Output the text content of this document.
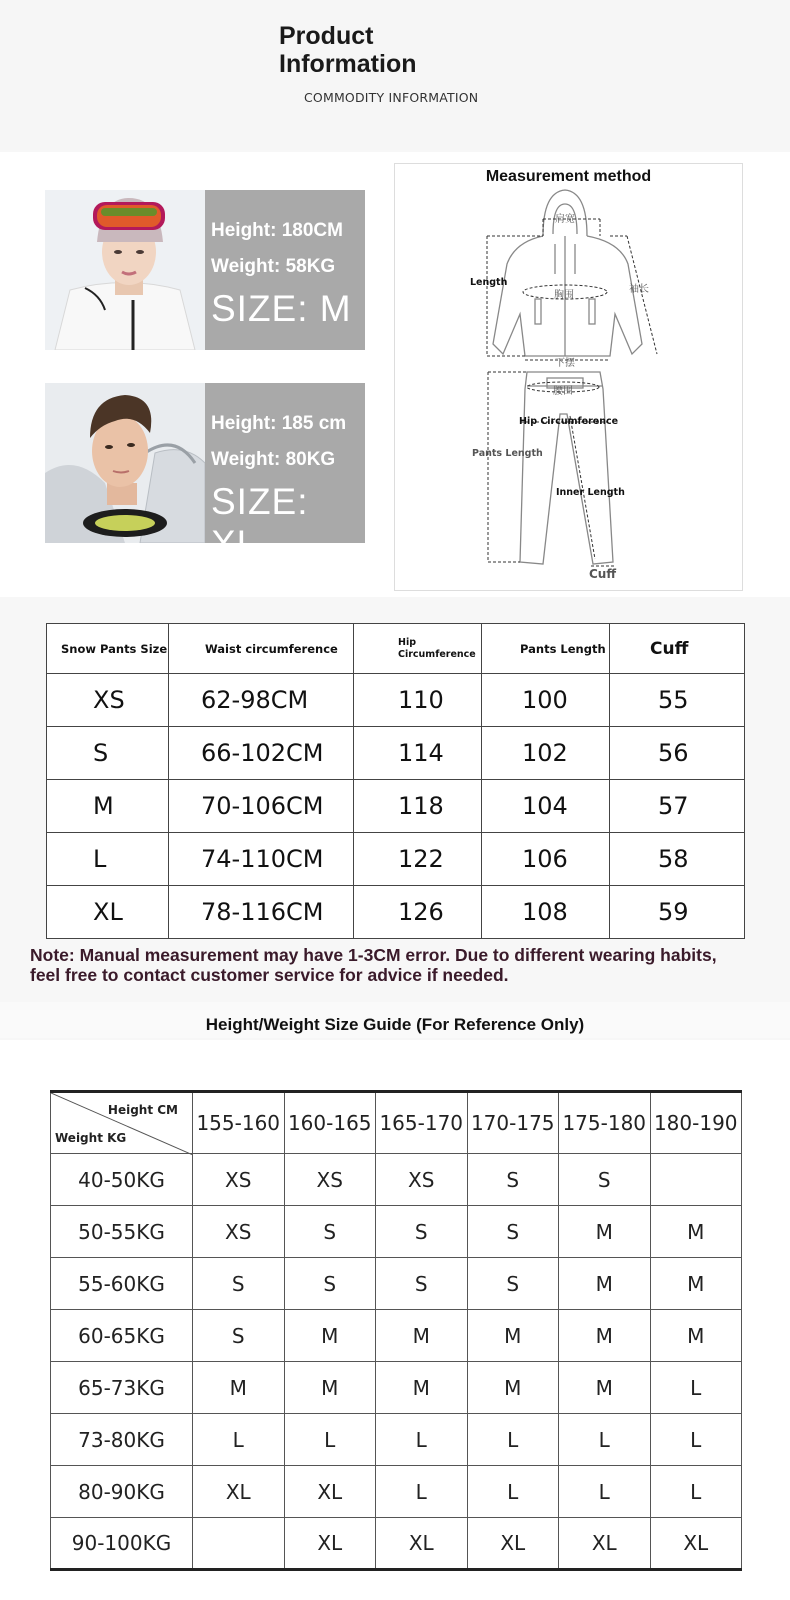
Product
Information
COMMODITY INFORMATION
Height: 180CM
Weight: 58KG
SIZE: M
Height: 185 cm
Weight: 80KG
SIZE: XL
Measurement method
肩宽
胸围
袖长
下摆
Length
腰围
Hip Circumference
Pants Length
Inner Length
Cuff
Snow Pants Size	Waist circumference	Hip Circumference	Pants Length	Cuff
XS	62-98CM	110	100	55
S	66-102CM	114	102	56
M	70-106CM	118	104	57
L	74-110CM	122	106	58
XL	78-116CM	126	108	59
Note: Manual measurement may have 1-3CM error. Due to different wearing habits, feel free to contact customer service for advice if needed.
Height/Weight Size Guide (For Reference Only)
Height CM
Weight KG	155-160	160-165	165-170	170-175	175-180	180-190
40-50KG	XS	XS	XS	S	S	
50-55KG	XS	S	S	S	M	M
55-60KG	S	S	S	S	M	M
60-65KG	S	M	M	M	M	M
65-73KG	M	M	M	M	M	L
73-80KG	L	L	L	L	L	L
80-90KG	XL	XL	L	L	L	L
90-100KG		XL	XL	XL	XL	XL
